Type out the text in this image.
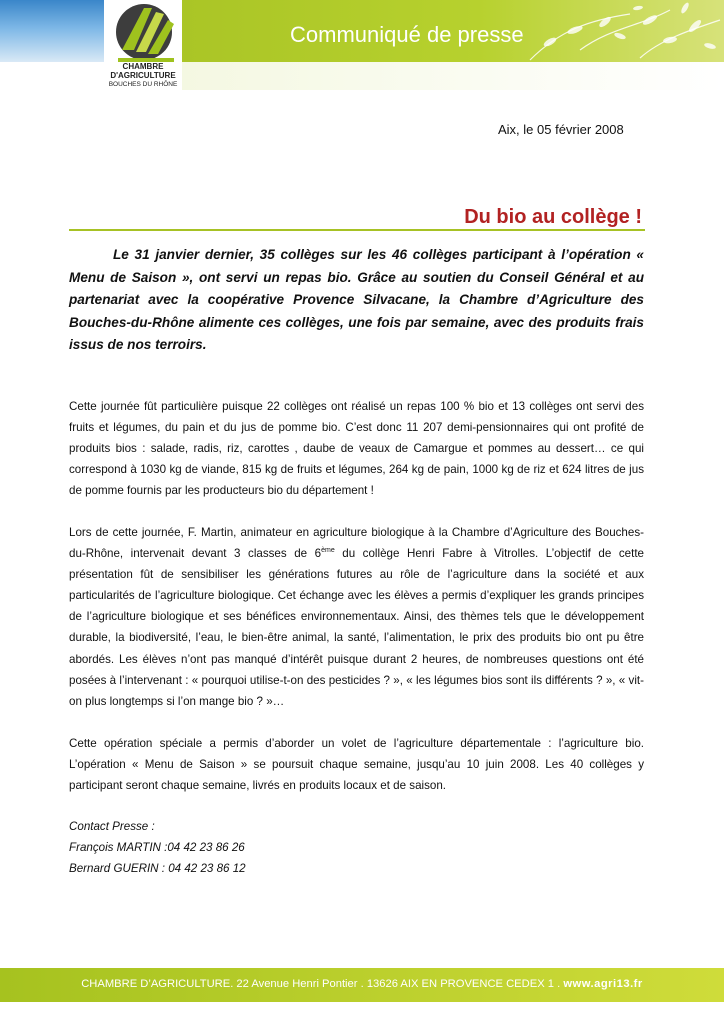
Communiqué de presse
CHAMBRE
D'AGRICULTURE
BOUCHES DU RHÔNE
Aix, le 05 février 2008
Du bio au collège !
Le 31 janvier dernier, 35 collèges sur les 46 collèges participant à l’opération « Menu de Saison », ont servi un repas bio. Grâce au soutien du Conseil Général et au partenariat avec la coopérative Provence Silvacane, la Chambre d’Agriculture des Bouches-du-Rhône alimente ces collèges, une fois par semaine, avec des produits frais issus de nos terroirs.
Cette journée fût particulière puisque 22 collèges ont réalisé un repas 100 % bio et 13 collèges ont servi des fruits et légumes, du pain et du jus de pomme bio. C’est donc 11 207 demi-pensionnaires qui ont profité de produits bios : salade, radis, riz, carottes , daube de veaux de Camargue et pommes au dessert… ce qui correspond à 1030 kg de viande, 815 kg de fruits et légumes, 264 kg de pain, 1000 kg de riz et 624 litres de jus de pomme fournis par les producteurs bio du département !
Lors de cette journée, F. Martin, animateur en agriculture biologique à la Chambre d’Agriculture des Bouches-du-Rhône, intervenait devant 3 classes de 6ème du collège Henri Fabre à Vitrolles. L’objectif de cette présentation fût de sensibiliser les générations futures au rôle de l’agriculture dans la société et aux particularités de l’agriculture biologique. Cet échange avec les élèves a permis d’expliquer les grands principes de l’agriculture biologique et ses bénéfices environnementaux. Ainsi, des thèmes tels que le développement durable, la biodiversité, l’eau, le bien-être animal, la santé, l’alimentation, le prix des produits bio ont pu être abordés. Les élèves n’ont pas manqué d’intérêt puisque durant 2 heures, de nombreuses questions ont été posées à l’intervenant : « pourquoi utilise-t-on des pesticides ? », « les légumes bios sont ils différents ? », « vit-on plus longtemps si l’on mange bio ? »…
Cette opération spéciale a permis d’aborder un volet de l’agriculture départementale : l’agriculture bio. L’opération « Menu de Saison » se poursuit chaque semaine, jusqu’au 10 juin 2008. Les 40 collèges y participant seront chaque semaine, livrés en produits locaux et de saison.
Contact Presse :
François MARTIN :04 42 23 86 26
Bernard GUERIN : 04 42 23 86 12
CHAMBRE D’AGRICULTURE. 22 Avenue Henri Pontier . 13626 AIX EN PROVENCE CEDEX 1 . www.agri13.fr
